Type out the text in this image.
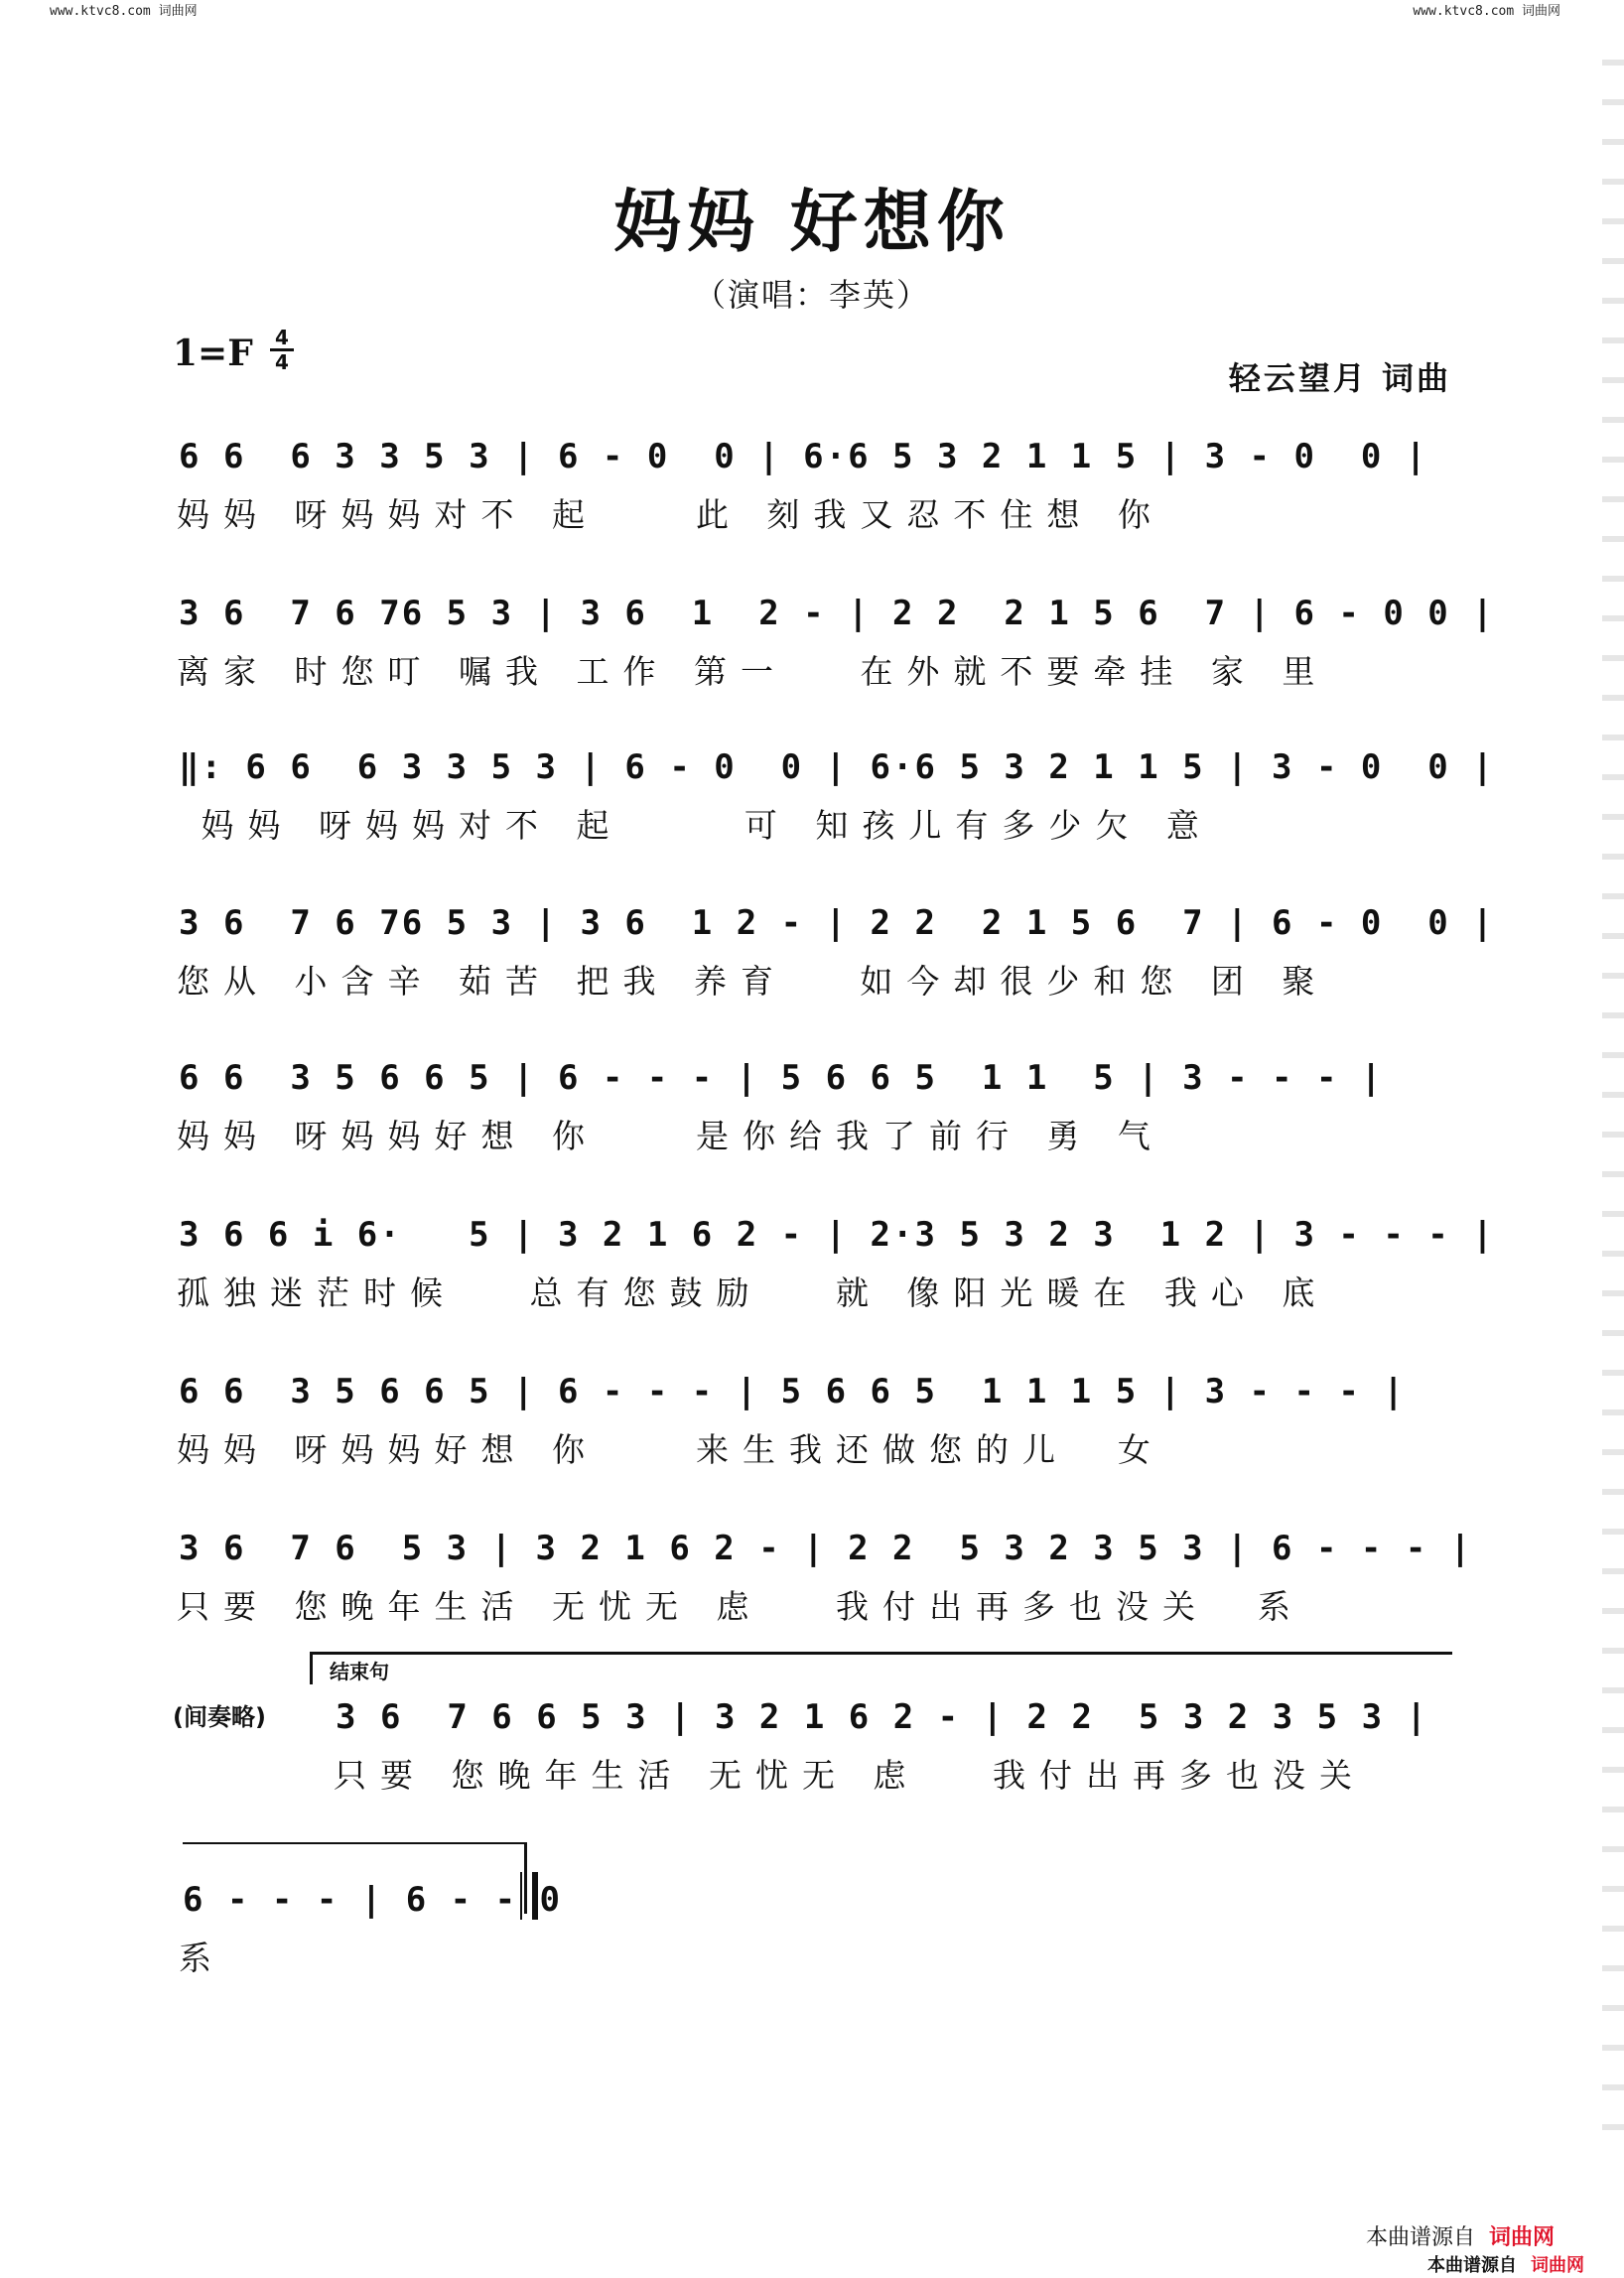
www.ktvc8.com 词曲网	www.ktvc8.com 词曲网
妈妈 好想你
（演唱：李英）
1=F 4
4	轻云望月 词曲
6 6  6 3 3 5 3 | 6 - 0  0 | 6·6 5 3 2 1 1 5 | 3 - 0  0 |
妈妈 呀妈妈对不 起    此 刻我又忍不住想 你
3 6  7 6 76 5 3 | 3 6  1  2 - | 2 2  2 1 5 6  7 | 6 - 0 0 |
离家 时您叮 嘱我 工作 第一   在外就不要牵挂 家 里
‖: 6 6  6 3 3 5 3 | 6 - 0  0 | 6·6 5 3 2 1 1 5 | 3 - 0  0 |
妈妈 呀妈妈对不 起     可 知孩儿有多少欠 意
3 6  7 6 76 5 3 | 3 6  1 2 - | 2 2  2 1 5 6  7 | 6 - 0  0 |
您从 小含辛 茹苦 把我 养育   如今却很少和您 团 聚
6 6  3 5 6 6 5 | 6 - - - | 5 6 6 5  1 1  5 | 3 - - - |
妈妈 呀妈妈好想 你    是你给我了前行 勇 气
3 6 6 i 6·   5 | 3 2 1 6 2 - | 2·3 5 3 2 3  1 2 | 3 - - - |
孤独迷茫时候   总有您鼓励   就 像阳光暖在 我心 底
6 6  3 5 6 6 5 | 6 - - - | 5 6 6 5  1 1 1 5 | 3 - - - |
妈妈 呀妈妈好想 你    来生我还做您的儿  女
3 6  7 6  5 3 | 3 2 1 6 2 - | 2 2  5 3 2 3 5 3 | 6 - - - |
只要 您晚年生活 无忧无 虑   我付出再多也没关  系
结束句
(间奏略) 3 6  7 6 6 5 3 | 3 2 1 6 2 - | 2 2  5 3 2 3 5 3 |
只要 您晚年生活 无忧无 虑   我付出再多也没关
6 - - - | 6 - - 0
系
本曲谱源自 词曲网
本曲谱源自 词曲网
